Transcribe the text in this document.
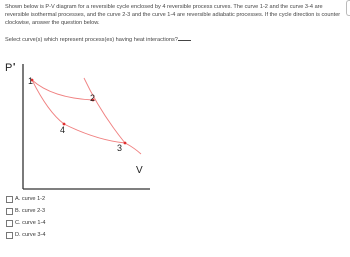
Shown below is P-V diagram for a reversible cycle enclosed by 4 reversible process curves. The curve 1-2 and the curve 3-4 are reversible isothermal processes, and the curve 2-3 and the curve 1-4 are reversible adiabatic processes. If the cycle direction is counter clockwise, answer the question below.
Select curve(s) which represent process(es) having heat interactions?
P '
V
1
2
3
4
A. curve 1-2
B. curve 2-3
C. curve 1-4
D. curve 3-4
